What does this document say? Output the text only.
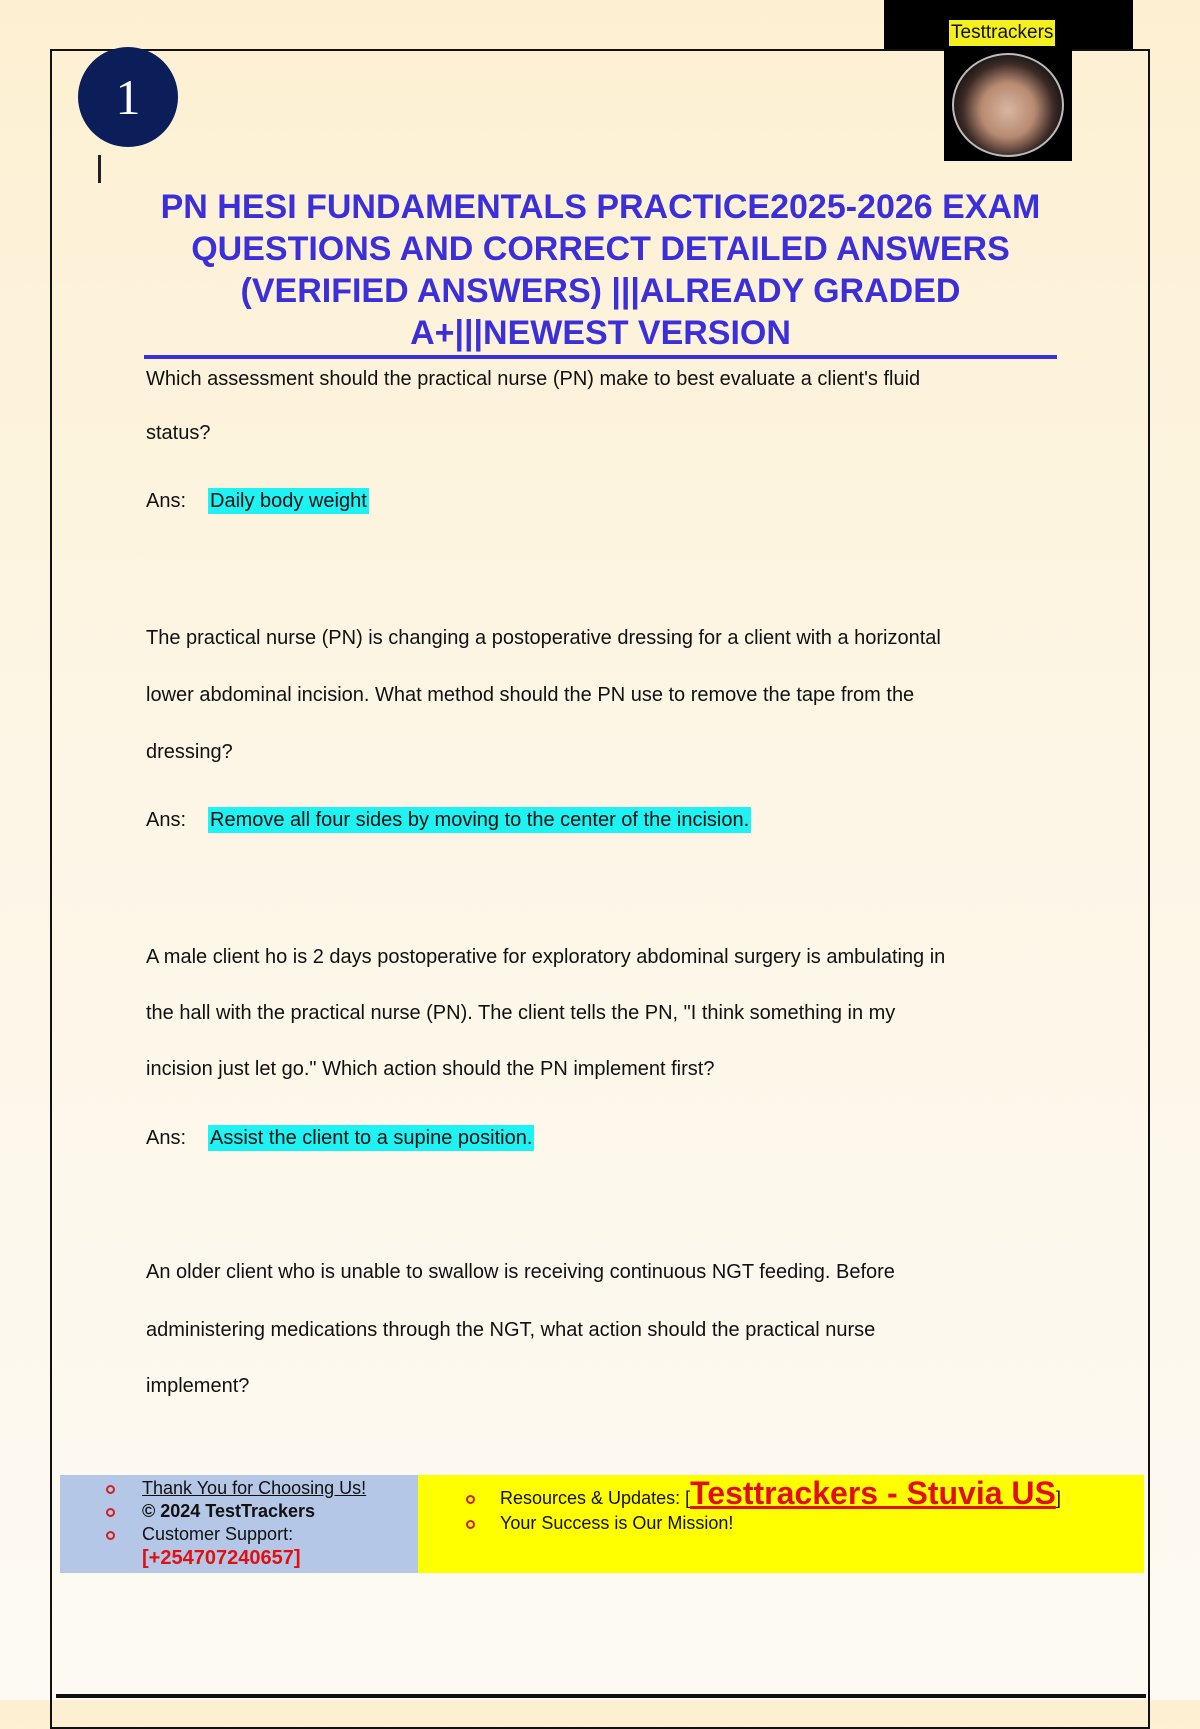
Testtrackers
1
PN HESI FUNDAMENTALS PRACTICE2025-2026 EXAM QUESTIONS AND CORRECT DETAILED ANSWERS (VERIFIED ANSWERS) |||ALREADY GRADED A+|||NEWEST VERSION
Which assessment should the practical nurse (PN) make to best evaluate a client's fluid
status?
Ans: Daily body weight
The practical nurse (PN) is changing a postoperative dressing for a client with a horizontal
lower abdominal incision. What method should the PN use to remove the tape from the
dressing?
Ans: Remove all four sides by moving to the center of the incision.
A male client ho is 2 days postoperative for exploratory abdominal surgery is ambulating in
the hall with the practical nurse (PN). The client tells the PN, "I think something in my
incision just let go." Which action should the PN implement first?
Ans: Assist the client to a supine position.
An older client who is unable to swallow is receiving continuous NGT feeding. Before
administering medications through the NGT, what action should the practical nurse
implement?
Thank You for Choosing Us!
© 2024 TestTrackers
Customer Support:
[+254707240657]
Resources & Updates: [Testtrackers - Stuvia US]
Your Success is Our Mission!
